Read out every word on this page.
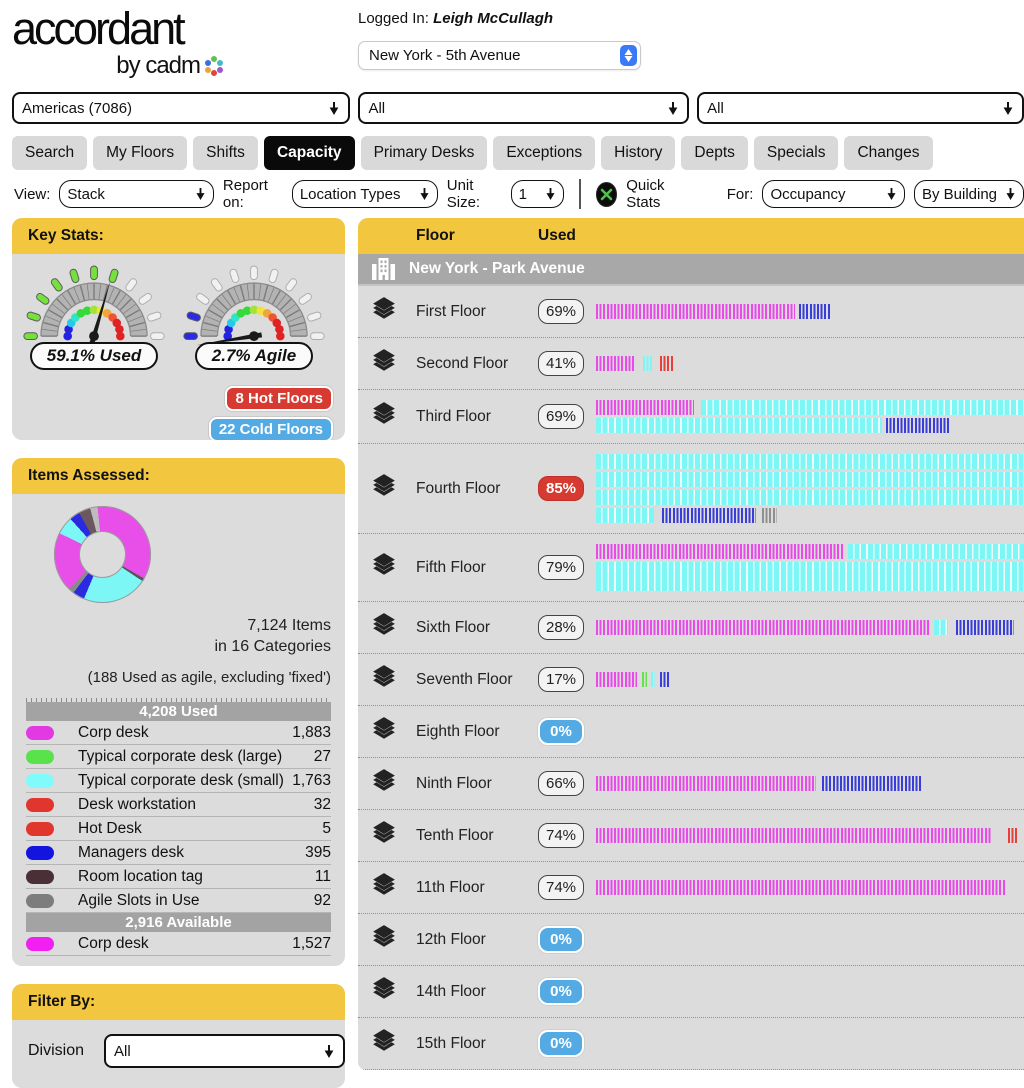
accordant
by cadm
Logged In: Leigh McCullagh
New York - 5th Avenue
Americas (7086)	All	All
Search	My Floors	Shifts	Capacity	Primary Desks	Exceptions	History	Depts	Specials	Changes
View: Stack	Report on:	Location Types	Unit Size:	1	Quick Stats	For: Occupancy	By Building
Key Stats:
59.1% Used	2.7% Agile
8 Hot Floors
22 Cold Floors
Items Assessed:
7,124 Items
in 16 Categories
(188 Used as agile, excluding 'fixed')
4,208 Used
Corp desk	1,883
Typical corporate desk (large)	27
Typical corporate desk (small) 1,763
Desk workstation	32
Hot Desk	5
Managers desk	395
Room location tag	11
Agile Slots in Use	92
2,916 Available
Corp desk	1,527
Filter By:
Division All
Floor	Used
New York - Park Avenue
First Floor	69%
Second Floor	41%
Third Floor	69%
Fourth Floor	85%
Fifth Floor	79%
Sixth Floor	28%
Seventh Floor	17%
Eighth Floor	0%
Ninth Floor	66%
Tenth Floor	74%
11th Floor	74%
12th Floor	0%
14th Floor	0%
15th Floor	0%
